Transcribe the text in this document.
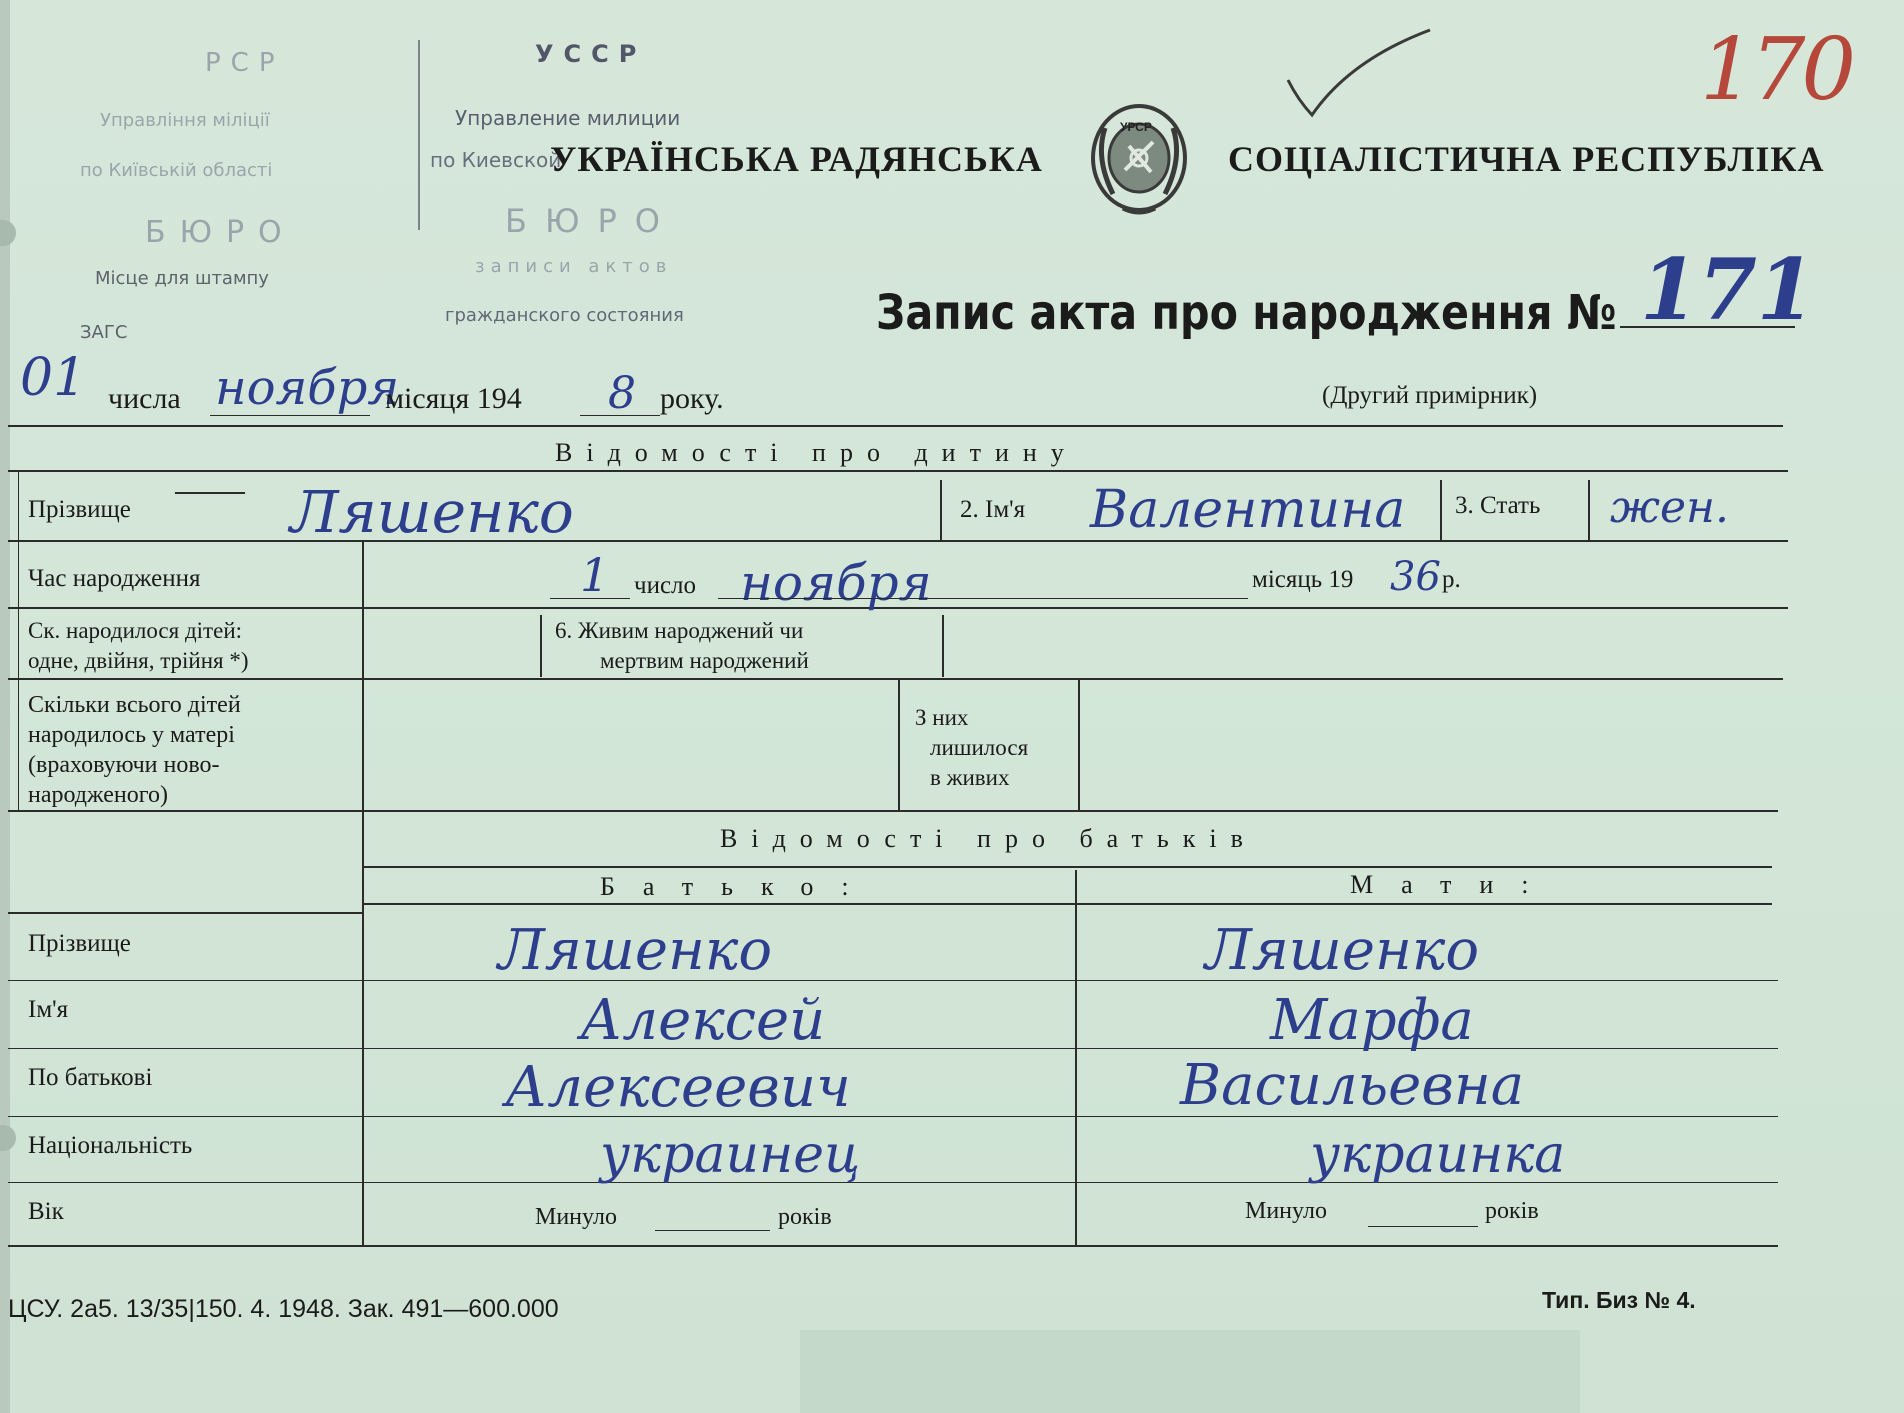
РСР
Управління міліції
по Київській області
БЮРО
Місце для штампу
ЗАГС
УССР
Управление милиции
по Киевской
БЮРО
записи актов
гражданского состояния
УКРАЇНСЬКА РАДЯНСЬКА
УРСР
СОЦІАЛІСТИЧНА РЕСПУБЛІКА
170
Запис акта про народження № 171
01 числа ноября
місяця 194 8 року.	(Другий примірник)
Відомості про дитину
Прізвище	Ляшенко	2. Ім'я Валентина 3. Стать жен.
Час народження	1 число ноября	місяць 19 36 р.
Ск. народилося дітей:
одне, двійня, трійня *)
6. Живим народжений чи
мертвим народжений
Скільки всього дітей
народилось у матері
(враховуючи ново-
народженого)
З них
лишилося
в живих
Відомості про батьків
Батько:	Мати:
Прізвище	Ляшенко	Ляшенко
Ім'я	Алексей	Марфа
По батькові	Алексеевич	Васильевна
Національність	украинец	украинка
Вік	Минуло	років	Минуло	років
ЦСУ. 2а5. 13/35|150. 4. 1948. Зак. 491—600.000	Тип. Биз № 4.
